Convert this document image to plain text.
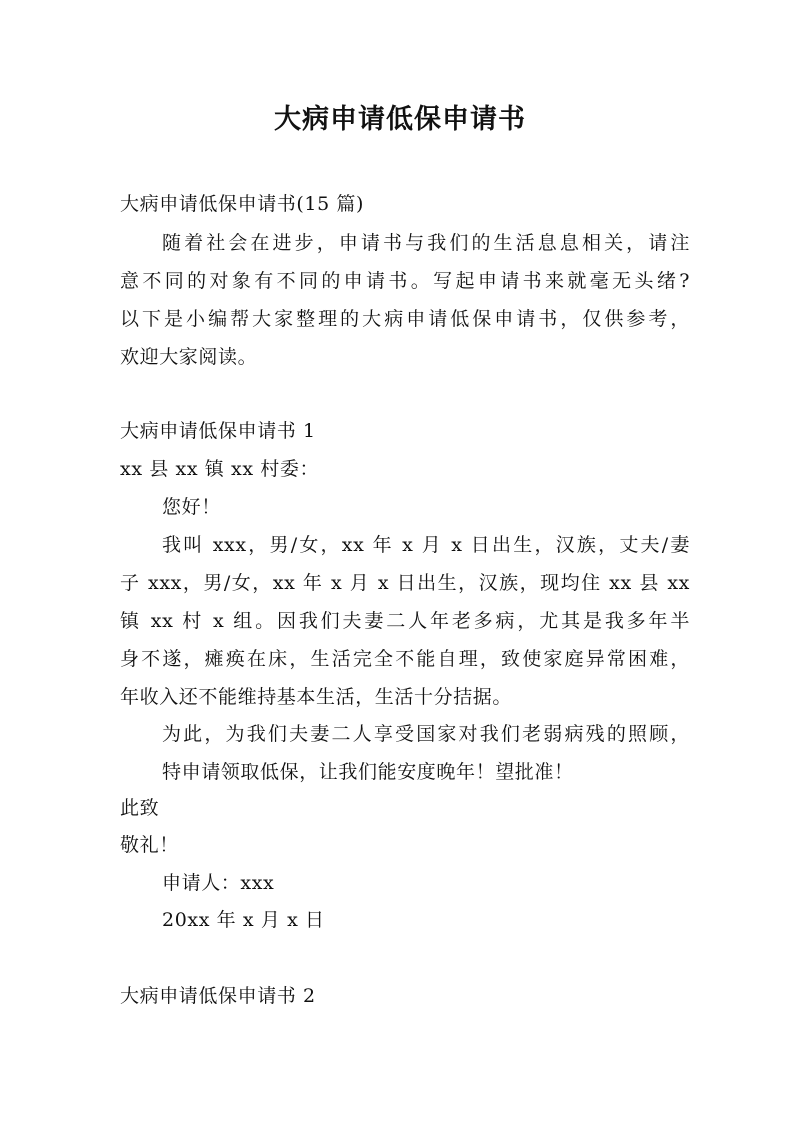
大病申请低保申请书
大病申请低保申请书(15 篇)
随着社会在进步，申请书与我们的生活息息相关，请注
意不同的对象有不同的申请书。写起申请书来就毫无头绪?
以下是小编帮大家整理的大病申请低保申请书，仅供参考，
欢迎大家阅读。
大病申请低保申请书 1
xx 县 xx 镇 xx 村委：
您好！
我叫 xxx，男/女，xx 年 x 月 x 日出生，汉族，丈夫/妻
子 xxx，男/女，xx 年 x 月 x 日出生，汉族，现均住 xx 县 xx
镇 xx 村 x 组。因我们夫妻二人年老多病，尤其是我多年半
身不遂，瘫痪在床，生活完全不能自理，致使家庭异常困难，
年收入还不能维持基本生活，生活十分拮据。
为此，为我们夫妻二人享受国家对我们老弱病残的照顾，
特申请领取低保，让我们能安度晚年！望批准！
此致
敬礼！
申请人：xxx
20xx 年 x 月 x 日
大病申请低保申请书 2
